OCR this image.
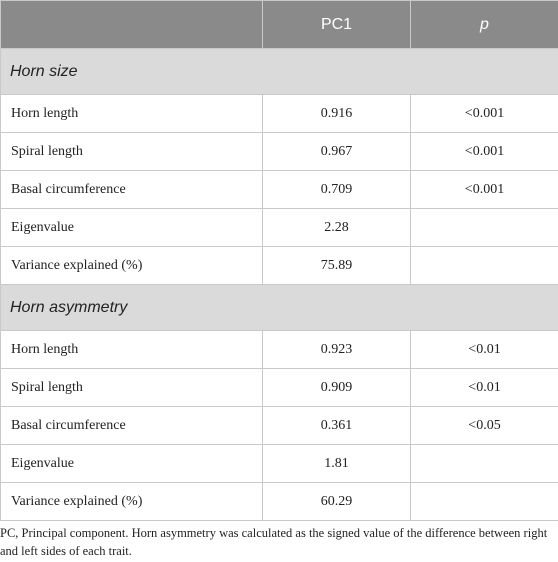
	PC1	p
Horn size		
Horn length	0.916	<0.001
Spiral length	0.967	<0.001
Basal circumference	0.709	<0.001
Eigenvalue	2.28	
Variance explained (%)	75.89	
Horn asymmetry		
Horn length	0.923	<0.01
Spiral length	0.909	<0.01
Basal circumference	0.361	<0.05
Eigenvalue	1.81	
Variance explained (%)	60.29	
PC, Principal component. Horn asymmetry was calculated as the signed value of the difference between right and left sides of each trait.
